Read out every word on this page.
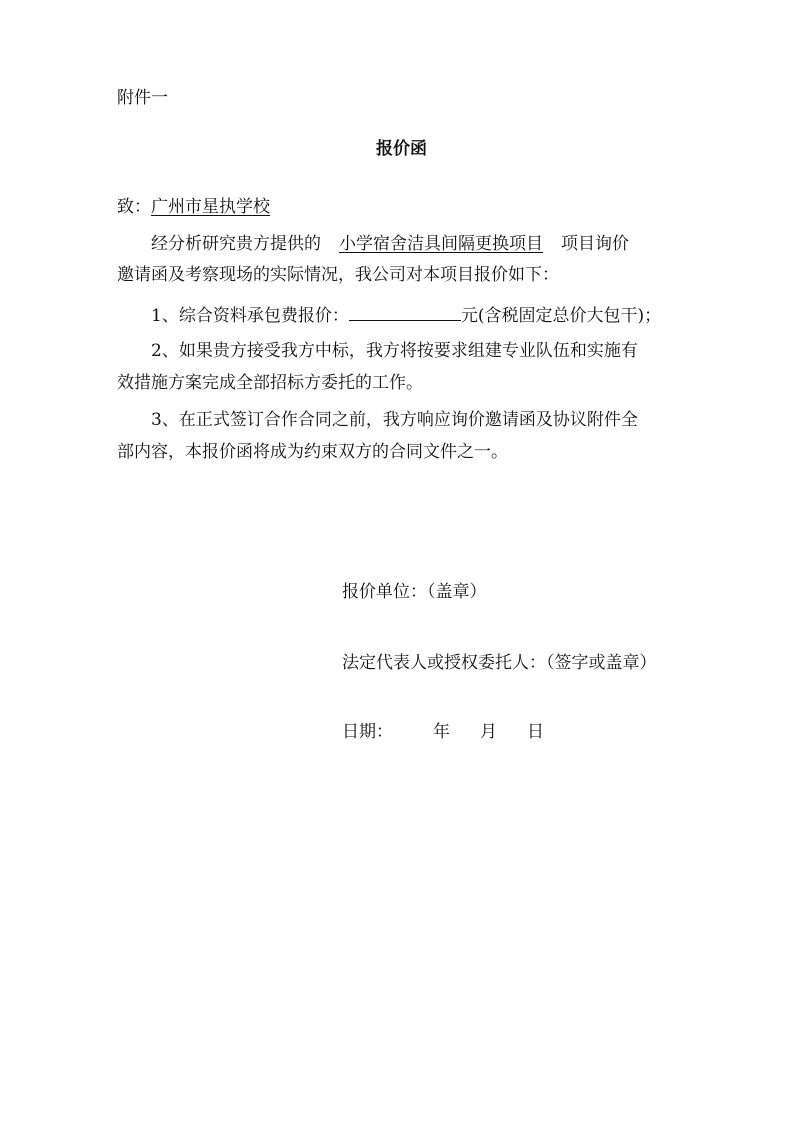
附件一
报价函
致：广州市星执学校
经分析研究贵方提供的 小学宿舍洁具间隔更换项目 项目询价
邀请函及考察现场的实际情况，我公司对本项目报价如下：
1、综合资料承包费报价：	元(含税固定总价大包干)；
2、如果贵方接受我方中标，我方将按要求组建专业队伍和实施有
效措施方案完成全部招标方委托的工作。
3、在正式签订合作合同之前，我方响应询价邀请函及协议附件全
部内容，本报价函将成为约束双方的合同文件之一。
报价单位：（盖章）
法定代表人或授权委托人：（签字或盖章）
日期： 年 月 日
